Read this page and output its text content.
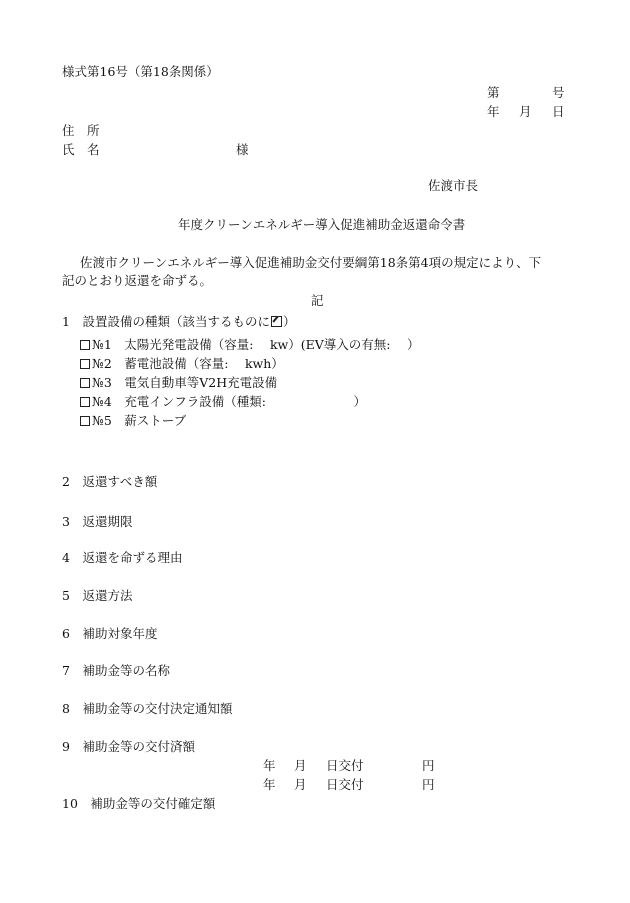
様式第16号（第18条関係）
第	号
年 月 日
住　所
氏　名	様
佐渡市長
年度クリーンエネルギー導入促進補助金返還命令書
佐渡市クリーンエネルギー導入促進補助金交付要綱第18条第4項の規定により、下
記のとおり返還を命ずる。
記
1　設置設備の種類（該当するものに ）
№1　太陽光発電設備（容量:　 kw）(EV導入の有無:　 ）
№2　蓄電池設備（容量:　 kwh）
№3　電気自動車等V2H充電設備
№4　充電インフラ設備（種類:　　　　　　　）
№5　薪ストーブ
2　返還すべき額
3　返還期限
4　返還を命ずる理由
5　返還方法
6　補助対象年度
7　補助金等の名称
8　補助金等の交付決定通知額
9　補助金等の交付済額
年 月 日交付	円
年 月 日交付	円
10　補助金等の交付確定額
